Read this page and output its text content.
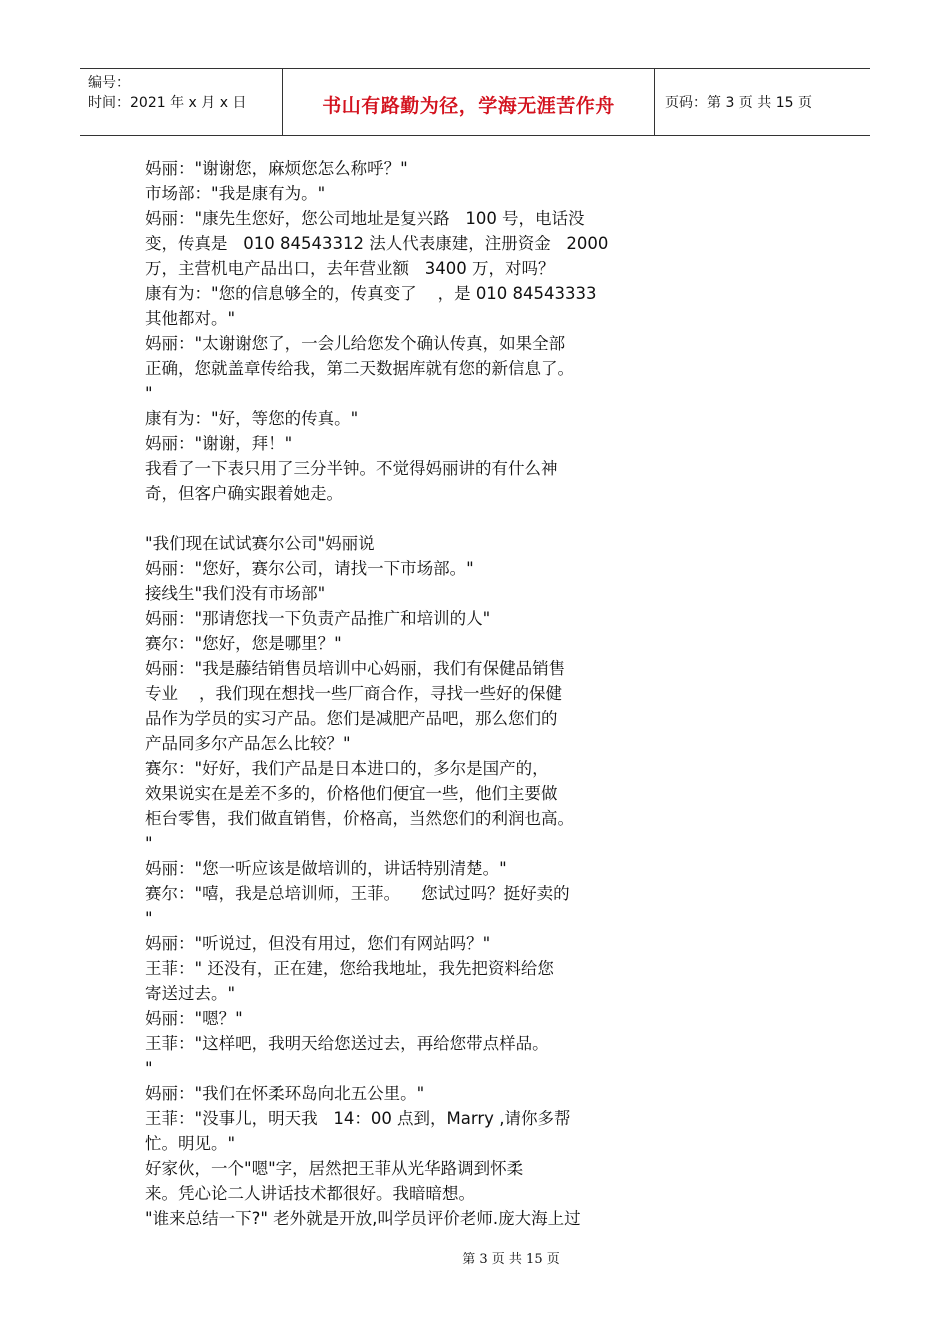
编号：
时间：2021 年 x 月 x 日	书山有路勤为径，学海无涯苦作舟	页码：第 3 页 共 15 页
妈丽："谢谢您，麻烦您怎么称呼？"
市场部："我是康有为。"
妈丽："康先生您好，您公司地址是复兴路   100 号，电话没
变，传真是   010 84543312 法人代表康建，注册资金   2000
万，主营机电产品出口，去年营业额   3400 万，对吗？
康有为："您的信息够全的，传真变了    ，是 010 84543333
其他都对。"
妈丽："太谢谢您了，一会儿给您发个确认传真，如果全部
正确，您就盖章传给我，第二天数据库就有您的新信息了。
"
康有为："好，等您的传真。"
妈丽："谢谢，拜！"
我看了一下表只用了三分半钟。不觉得妈丽讲的有什么神
奇，但客户确实跟着她走。
"我们现在试试赛尔公司"妈丽说
妈丽："您好，赛尔公司，请找一下市场部。"
接线生"我们没有市场部"
妈丽："那请您找一下负责产品推广和培训的人"
赛尔："您好，您是哪里？"
妈丽："我是藤结销售员培训中心妈丽，我们有保健品销售
专业    ，我们现在想找一些厂商合作，寻找一些好的保健
品作为学员的实习产品。您们是减肥产品吧，那么您们的
产品同多尔产品怎么比较？"
赛尔："好好，我们产品是日本进口的，多尔是国产的，
效果说实在是差不多的，价格他们便宜一些，他们主要做
柜台零售，我们做直销售，价格高，当然您们的利润也高。
"
妈丽："您一听应该是做培训的，讲话特别清楚。"
赛尔："嘻，我是总培训师，王菲。    您试过吗？挺好卖的
"
妈丽："听说过，但没有用过，您们有网站吗？"
王菲：" 还没有，正在建，您给我地址，我先把资料给您
寄送过去。"
妈丽："嗯？"
王菲："这样吧，我明天给您送过去，再给您带点样品。
"
妈丽："我们在怀柔环岛向北五公里。"
王菲："没事儿，明天我   14：00 点到，Marry ,请你多帮
忙。明见。"
好家伙，一个"嗯"字，居然把王菲从光华路调到怀柔
来。凭心论二人讲话技术都很好。我暗暗想。
"谁来总结一下?" 老外就是开放,叫学员评价老师.庞大海上过
第 3 页 共 15 页
